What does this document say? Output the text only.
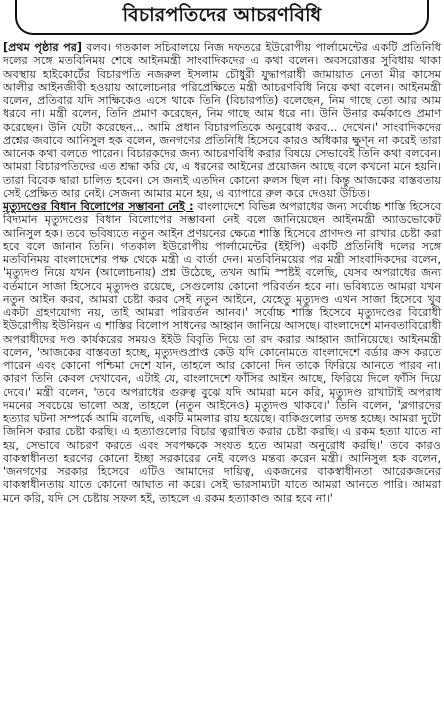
বিচারপতিদের আচরণবিধি

[প্রথম পৃষ্ঠার পর] বলব। গতকাল সচিবালয়ে নিজ দফতরে ইউরোপীয় পার্লামেন্টের একটি প্রতিনিধি দলের সঙ্গে মতবিনিময় শেষে আইনমন্ত্রী সাংবাদিকদের এ কথা বলেন। অবসরোত্তর সুবিধায় থাকা অবস্থায় হাইকোর্টের বিচারপতি নজরুল ইসলাম চৌধুরী যুদ্ধাপরাধী জামায়াত নেতা মীর কাসেম আলীর আইনজীবী হওয়ায় আলোচনার পরিপ্রেক্ষিতে মন্ত্রী আচরণবিধি নিয়ে কথা বলেন। আইনমন্ত্রী বলেন, প্রতিবার যদি সাক্ষিকেও এসে থাকে তিনি (বিচারপতি) বলেছেন, নিম গাছে তো আর আম ধরবে না। মন্ত্রী বলেন, তিনি প্রমাণ করেছেন, নিম গাছে আম ধরে না। উনি উনার কর্মকাণ্ডে প্রমাণ করেছেন। উনি যেটা করেছেন... আমি প্রধান বিচারপতিকে অনুরোধ করব... দেখেন।' সাংবাদিকদের প্রশ্নের জবাবে আনিসুল হক বলেন, জনগণের প্রতিনিধি হিসেবে কারও অধিকার ক্ষুণ্ন না করেই তারা আনেক কথা বলতে পারেন। বিচারকদের জন্য আচরণবিধি করার বিষয়ে সেভাবেই তিনি কথা বলবেন। আমরা বিচারপতিদের এত শ্রদ্ধা করি যে, এ ধরনের আইনের প্রয়োজন আছে বলে কখনো মনে হয়নি। তারা বিবেক দ্বারা চালিত হবেন। সে জন্যই এতদিন কোনো রুলস ছিল না। কিন্তু আজকের বাস্তবতায় সেই প্রেক্ষিত আর নেই। সেজন্য আমার মনে হয়, এ ব্যাপারে রুল করে দেওয়া উচিত।

মৃত্যুদণ্ডের বিধান বিলোপের সম্ভাবনা নেই : বাংলাদেশে বিভিন্ন অপরাধের জন্য সর্বোচ্চ শাস্তি হিসেবে বিদ্যমান মৃত্যুদণ্ডের বিধান বিলোপের সম্ভাবনা নেই বলে জানিয়েছেন আইনমন্ত্রী অ্যাডভোকেট আনিসুল হক। তবে ভবিষ্যতে নতুন আইন প্রণয়নের ক্ষেত্রে শাস্তি হিসেবে প্রাণদণ্ড না রাখার চেষ্টা করা হবে বলে জানান তিনি। গতকাল ইউরোপীয় পার্লামেন্টের (ইইপি) একটি প্রতিনিধি দলের সঙ্গে মতবিনিময় বাংলাদেশের পক্ষ থেকে মন্ত্রী এ বার্তা দেন। মতবিনিময়ের পর মন্ত্রী সাংবাদিকদের বলেন, 'মৃত্যুদণ্ড নিয়ে যখন (আলোচনায়) প্রশ্ন উঠেছে, তখন আমি স্পষ্টই বলেছি, যেসব অপরাধের জন্য বর্তমানে সাজা হিসেবে মৃত্যুদণ্ড রয়েছে, সেগুলোয় কোনো পরিবর্তন হবে না। ভবিষ্যতে আমরা যখন নতুন আইন করব, আমরা চেষ্টা করব সেই নতুন আইনে, যেহেতু মৃত্যুদণ্ড এখন সাজা হিসেবে খুব একটা গ্রহণযোগ্য নয়, তাই আমরা পরিবর্তন আনব।' সর্বোচ্চ শাস্তি হিসেবে মৃত্যুদণ্ডের বিরোধী ইউরোপীয় ইউনিয়ন এ শাস্তির বিলোপ সাধনের আহ্বান জানিয়ে আসছে। বাংলাদেশে মানবতাবিরোধী অপরাধীদের দণ্ড কার্যকরের সময়ও ইইউ বিবৃতি দিয়ে তা রদ করার আহ্বান জানিয়েছে। আইনমন্ত্রী বলেন, 'আজকের বাস্তবতা হচ্ছে, মৃত্যুদণ্ডপ্রাপ্ত কেউ যদি কোনোমতে বাংলাদেশে বর্ডার ক্রস করতে পারেন এবং কোনো পশ্চিমা দেশে যান, তাহলে আর কোনো দিন তাকে ফিরিয়ে আনতে পারব না। কারণ তিনি কেবল দেখাবেন, এটাই যে, বাংলাদেশে ফাঁসির আইন আছে, ফিরিয়ে দিলে ফাঁসি দিয়ে দেবে।' মন্ত্রী বলেন, 'তবে অপরাধের গুরুত্ব বুঝে যদি আমরা মনে করি, মৃত্যুদণ্ড রাখাটাই অপরাধ দমনের সবচেয়ে ভালো অস্ত্র, তাহলে (নতুন আইনেও) মৃত্যুদণ্ড থাকবে।' তিনি বলেন, 'ব্লগারদের হত্যার ঘটনা সম্পর্কে আমি বলেছি, একটি মামলার রায় হয়েছে। বাকিগুলোর তদন্ত হচ্ছে। আমরা দুটো জিনিস করার চেষ্টা করছি। এ হত্যাগুলোর বিচার ত্বরান্বিত করার চেষ্টা করছি। এ রকম হত্যা যাতে না হয়, সেভাবে আচরণ করতে এবং সবপক্ষকে সংযত হতে আমরা অনুরোধ করছি।' তবে কারও বাকস্বাধীনতা হরণের কোনো ইচ্ছা সরকারের নেই বলেও মন্তব্য করেন মন্ত্রী। আনিসুল হক বলেন, 'জনগণের সরকার হিসেবে এটিও আমাদের দায়িত্ব, একজনের বাকস্বাধীনতা আরেকজনের বাকস্বাধীনতায় যাতে কোনো আঘাত না করে। সেই ভারসাম্যটা যাতে আমরা আনতে পারি। আমরা মনে করি, যদি সে চেষ্টায় সফল হই, তাহলে এ রকম হত্যাকাণ্ড আর হবে না।'
